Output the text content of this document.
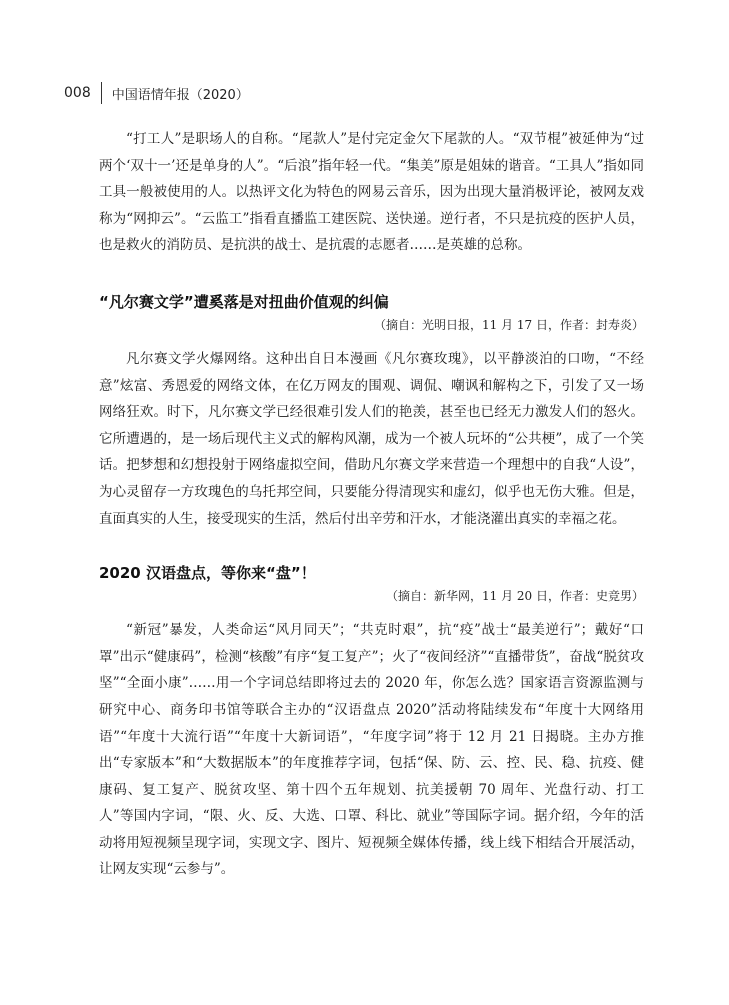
008 中国语情年报（2020）

“打工人”是职场人的自称。“尾款人”是付完定金欠下尾款的人。“双节棍”被延伸为“过两个‘双十一’还是单身的人”。“后浪”指年轻一代。“集美”原是姐妹的谐音。“工具人”指如同工具一般被使用的人。以热评文化为特色的网易云音乐，因为出现大量消极评论，被网友戏称为“网抑云”。“云监工”指看直播监工建医院、送快递。逆行者，不只是抗疫的医护人员，也是救火的消防员、是抗洪的战士、是抗震的志愿者……是英雄的总称。

“凡尔赛文学”遭奚落是对扭曲价值观的纠偏

（摘自：光明日报，11 月 17 日，作者：封寿炎）

凡尔赛文学火爆网络。这种出自日本漫画《凡尔赛玫瑰》，以平静淡泊的口吻，“不经意”炫富、秀恩爱的网络文体，在亿万网友的围观、调侃、嘲讽和解构之下，引发了又一场网络狂欢。时下，凡尔赛文学已经很难引发人们的艳羡，甚至也已经无力激发人们的怒火。它所遭遇的，是一场后现代主义式的解构风潮，成为一个被人玩坏的“公共梗”，成了一个笑话。把梦想和幻想投射于网络虚拟空间，借助凡尔赛文学来营造一个理想中的自我“人设”，为心灵留存一方玫瑰色的乌托邦空间，只要能分得清现实和虚幻，似乎也无伤大雅。但是，直面真实的人生，接受现实的生活，然后付出辛劳和汗水，才能浇灌出真实的幸福之花。

2020 汉语盘点，等你来“盘”！

（摘自：新华网，11 月 20 日，作者：史竞男）

“新冠”暴发，人类命运“风月同天”；“共克时艰”，抗“疫”战士“最美逆行”；戴好“口罩”出示“健康码”，检测“核酸”有序“复工复产”；火了“夜间经济”“直播带货”，奋战“脱贫攻坚”“全面小康”……用一个字词总结即将过去的 2020 年，你怎么选？国家语言资源监测与研究中心、商务印书馆等联合主办的“汉语盘点 2020”活动将陆续发布“年度十大网络用语”“年度十大流行语”“年度十大新词语”，“年度字词”将于 12 月 21 日揭晓。主办方推出“专家版本”和“大数据版本”的年度推荐字词，包括“保、防、云、控、民、稳、抗疫、健康码、复工复产、脱贫攻坚、第十四个五年规划、抗美援朝 70 周年、光盘行动、打工人”等国内字词，“限、火、反、大选、口罩、科比、就业”等国际字词。据介绍，今年的活动将用短视频呈现字词，实现文字、图片、短视频全媒体传播，线上线下相结合开展活动，让网友实现“云参与”。
